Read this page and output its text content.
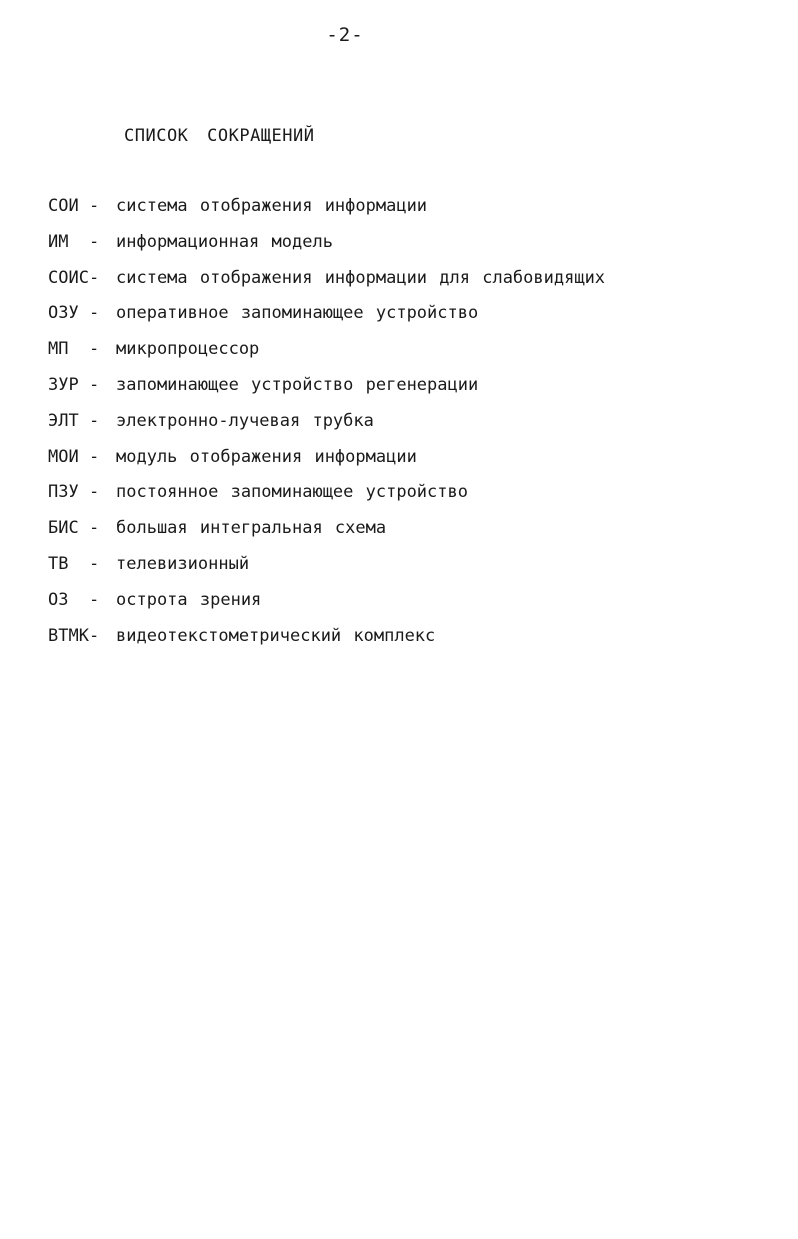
-2-
СПИСОК СОКРАЩЕНИЙ
СОИ - система отображения информации
ИМ - информационная модель
СОИС- система отображения информации для слабовидящих
ОЗУ - оперативное запоминающее устройство
МП - микропроцессор
ЗУР - запоминающее устройство регенерации
ЭЛТ - электронно-лучевая трубка
МОИ - модуль отображения информации
ПЗУ - постоянное запоминающее устройство
БИС - большая интегральная схема
ТВ - телевизионный
ОЗ - острота зрения
ВТМК- видеотекстометрический комплекс
